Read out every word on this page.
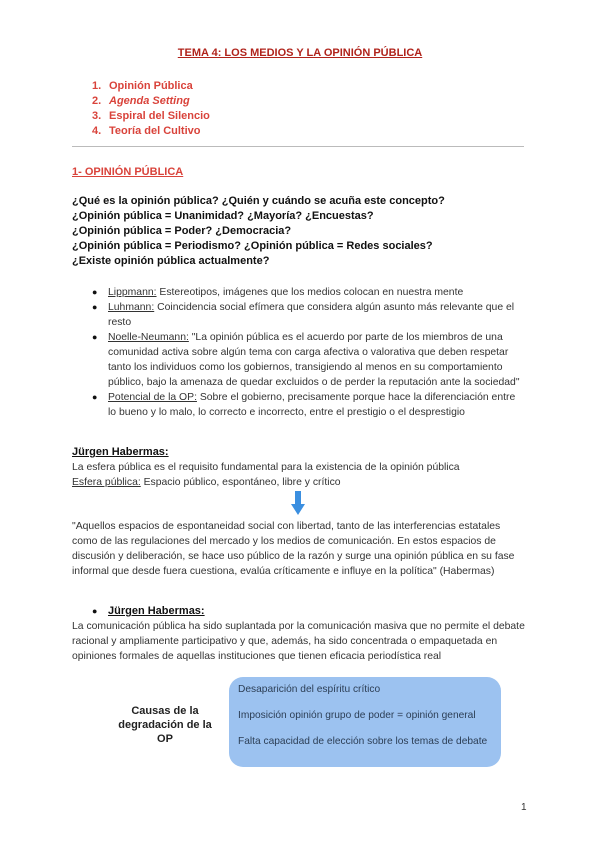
TEMA 4: LOS MEDIOS Y LA OPINIÓN PÚBLICA
1. Opinión Pública
2. Agenda Setting
3. Espiral del Silencio
4. Teoría del Cultivo
1- OPINIÓN PÚBLICA
¿Qué es la opinión pública? ¿Quién y cuándo se acuña este concepto?
¿Opinión pública = Unanimidad? ¿Mayoría? ¿Encuestas?
¿Opinión pública = Poder? ¿Democracia?
¿Opinión pública = Periodismo? ¿Opinión pública = Redes sociales?
¿Existe opinión pública actualmente?
● Lippmann: Estereotipos, imágenes que los medios colocan en nuestra mente
● Luhmann: Coincidencia social efímera que considera algún asunto más relevante que el resto
● Noelle-Neumann: "La opinión pública es el acuerdo por parte de los miembros de una comunidad activa sobre algún tema con carga afectiva o valorativa que deben respetar tanto los individuos como los gobiernos, transigiendo al menos en su comportamiento público, bajo la amenaza de quedar excluidos o de perder la reputación ante la sociedad"
● Potencial de la OP: Sobre el gobierno, precisamente porque hace la diferenciación entre lo bueno y lo malo, lo correcto e incorrecto, entre el prestigio o el desprestigio
Jürgen Habermas:
La esfera pública es el requisito fundamental para la existencia de la opinión pública
Esfera pública: Espacio público, espontáneo, libre y crítico
"Aquellos espacios de espontaneidad social con libertad, tanto de las interferencias estatales como de las regulaciones del mercado y los medios de comunicación. En estos espacios de discusión y deliberación, se hace uso público de la razón y surge una opinión pública en su fase informal que desde fuera cuestiona, evalúa críticamente e influye en la política" (Habermas)
● Jürgen Habermas:
La comunicación pública ha sido suplantada por la comunicación masiva que no permite el debate racional y ampliamente participativo y que, además, ha sido concentrada o empaquetada en opiniones formales de aquellas instituciones que tienen eficacia periodística real
Causas de la degradación de la OP
Desaparición del espíritu crítico
Imposición opinión grupo de poder = opinión general
Falta capacidad de elección sobre los temas de debate
1
